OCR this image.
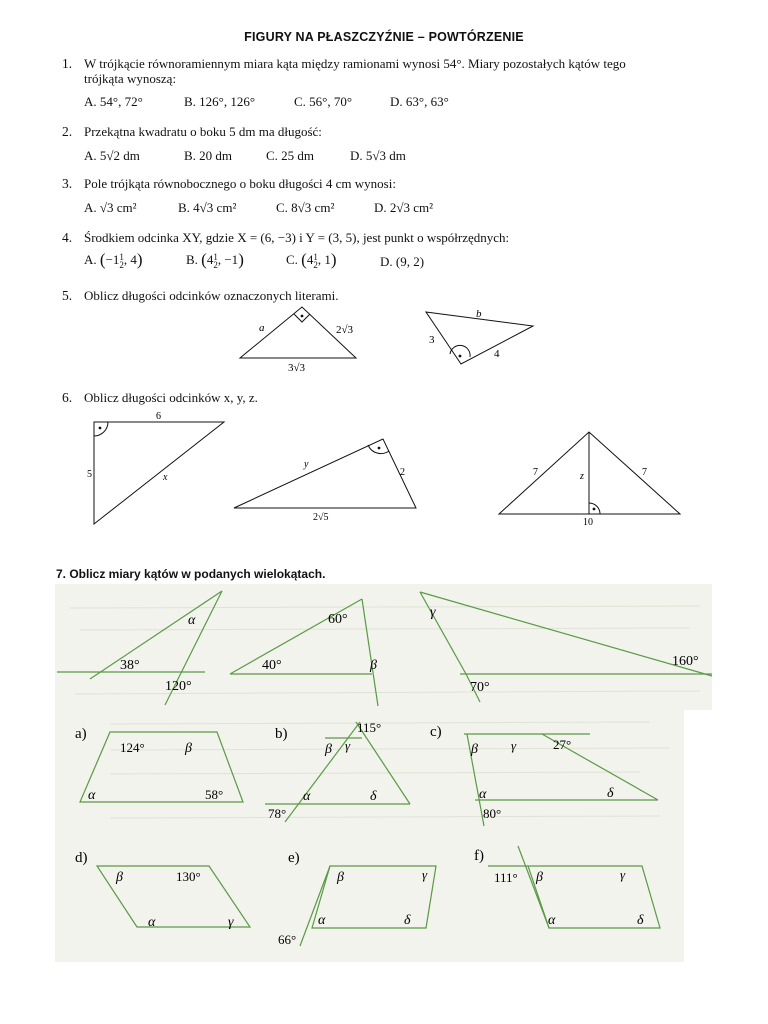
FIGURY NA PŁASZCZYŹNIE – POWTÓRZENIE
1. W trójkącie równoramiennym miara kąta między ramionami wynosi 54°. Miary pozostałych kątów tego
trójkąta wynoszą:
A. 54°, 72°	B. 126°, 126°	C. 56°, 70°	D. 63°, 63°
2. Przekątna kwadratu o boku 5 dm ma długość:
A. 5√2 dm	B. 20 dm	C. 25 dm	D. 5√3 dm
3. Pole trójkąta równobocznego o boku długości 4 cm wynosi:
A. √3 cm²	B. 4√3 cm²	C. 8√3 cm²	D. 2√3 cm²
4. Środkiem odcinka XY, gdzie X = (6, −3) i Y = (3, 5), jest punkt o współrzędnych:
A. (−11
2, 4)	B. (41
2, −1)	C. (41
2, 1)	D. (9, 2)
5. Oblicz długości odcinków oznaczonych literami.
a	2√3
3√3
b
3
4
6. Oblicz długości odcinków x, y, z.
6
5	x
y
2
2√5
7	7
z
10
7. Oblicz miary kątów w podanych wielokątach.
α
38°
120°
60°
40°	β
γ
160°
70°
a)
124°	β
α	58°
b)	115°
β γ
78°
α	δ
c)
β	γ	27°
α
80°
δ
d)
β	130°
α	γ
e)
β	γ
α	δ
66°
f)
111° β	γ
α	δ
